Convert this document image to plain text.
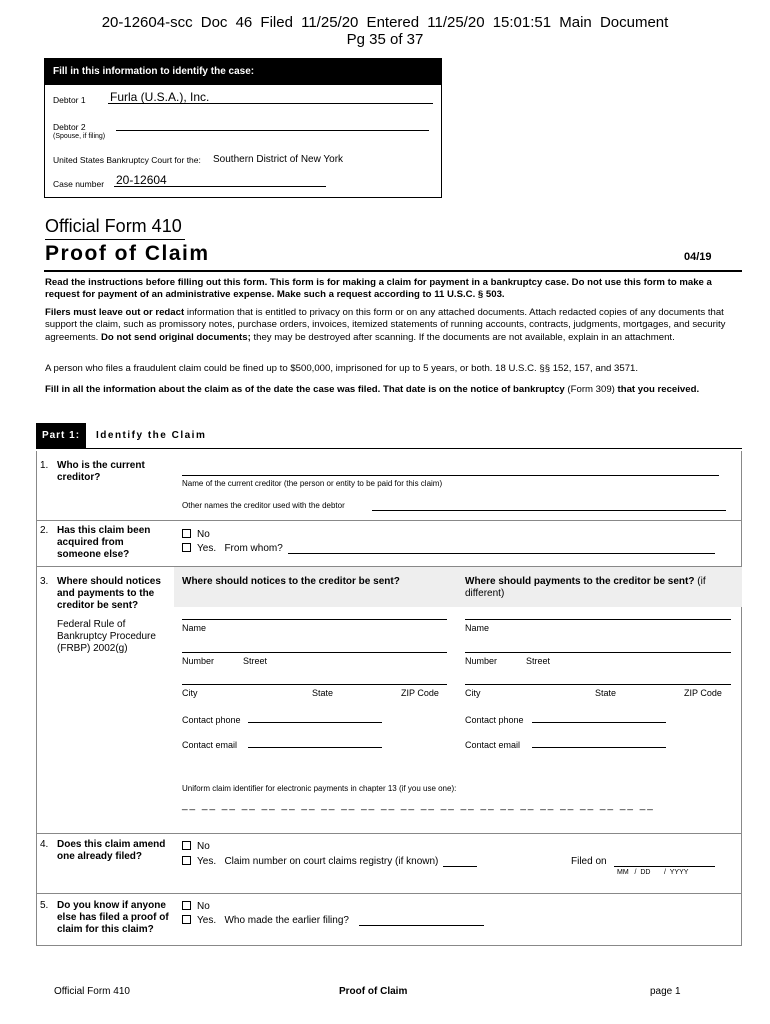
20-12604-scc Doc 46 Filed 11/25/20 Entered 11/25/20 15:01:51 Main Document
Pg 35 of 37
Fill in this information to identify the case:
Debtor 1 Furla (U.S.A.), Inc.
Debtor 2
(Spouse, if filing)
United States Bankruptcy Court for the: Southern District of New York
Case number 20-12604
Official Form 410
Proof of Claim	04/19
Read the instructions before filling out this form. This form is for making a claim for payment in a bankruptcy case. Do not use this form to make a request for payment of an administrative expense. Make such a request according to 11 U.S.C. § 503.
Filers must leave out or redact information that is entitled to privacy on this form or on any attached documents. Attach redacted copies of any documents that support the claim, such as promissory notes, purchase orders, invoices, itemized statements of running accounts, contracts, judgments, mortgages, and security agreements. Do not send original documents; they may be destroyed after scanning. If the documents are not available, explain in an attachment.
A person who files a fraudulent claim could be fined up to $500,000, imprisoned for up to 5 years, or both. 18 U.S.C. §§ 152, 157, and 3571.
Fill in all the information about the claim as of the date the case was filed. That date is on the notice of bankruptcy (Form 309) that you received.
Part 1:	Identify the Claim
1. Who is the current creditor?
Name of the current creditor (the person or entity to be paid for this claim)
Other names the creditor used with the debtor
2. Has this claim been acquired from someone else?
No
Yes. From whom?
3. Where should notices and payments to the creditor be sent?
Federal Rule of Bankruptcy Procedure (FRBP) 2002(g)
Where should notices to the creditor be sent?	Where should payments to the creditor be sent? (if different)
Name
Number	Street
City	State	ZIP Code
Contact phone
Contact email
Name
Number	Street
City	State	ZIP Code
Contact phone
Contact email
Uniform claim identifier for electronic payments in chapter 13 (if you use one):
__ __ __ __ __ __ __ __ __ __ __ __ __ __ __ __ __ __ __ __ __ __ __ __
4. Does this claim amend one already filed?
No
Yes. Claim number on court claims registry (if known)	Filed on
MM   /  DD       /  YYYY
5. Do you know if anyone else has filed a proof of claim for this claim?
No
Yes. Who made the earlier filing?
Official Form 410	Proof of Claim	page 1
